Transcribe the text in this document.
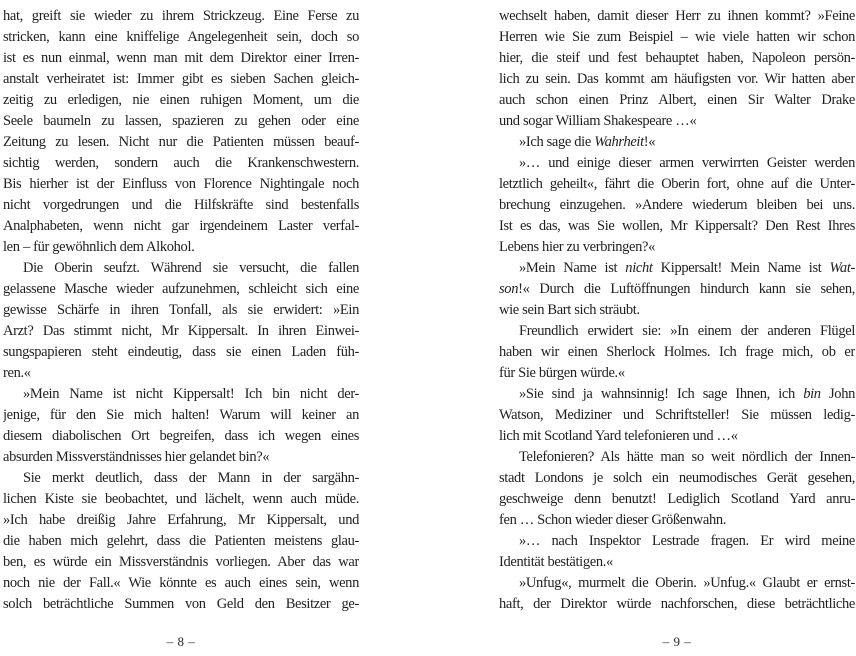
hat, greift sie wieder zu ihrem Strickzeug. Eine Ferse zu
stricken, kann eine kniffelige Angelegenheit sein, doch so
ist es nun einmal, wenn man mit dem Direktor einer Irren-
anstalt verheiratet ist: Immer gibt es sieben Sachen gleich-
zeitig zu erledigen, nie einen ruhigen Moment, um die
Seele baumeln zu lassen, spazieren zu gehen oder eine
Zeitung zu lesen. Nicht nur die Patienten müssen beauf-
sichtig werden, sondern auch die Krankenschwestern.
Bis hierher ist der Einfluss von Florence Nightingale noch
nicht vorgedrungen und die Hilfskräfte sind bestenfalls
Analphabeten, wenn nicht gar irgendeinem Laster verfal-
len – für gewöhnlich dem Alkohol.
Die Oberin seufzt. Während sie versucht, die fallen
gelassene Masche wieder aufzunehmen, schleicht sich eine
gewisse Schärfe in ihren Tonfall, als sie erwidert: »Ein
Arzt? Das stimmt nicht, Mr Kippersalt. In ihren Einwei-
sungspapieren steht eindeutig, dass sie einen Laden füh-
ren.«
»Mein Name ist nicht Kippersalt! Ich bin nicht der-
jenige, für den Sie mich halten! Warum will keiner an
diesem diabolischen Ort begreifen, dass ich wegen eines
absurden Missverständnisses hier gelandet bin?«
Sie merkt deutlich, dass der Mann in der sargähn-
lichen Kiste sie beobachtet, und lächelt, wenn auch müde.
»Ich habe dreißig Jahre Erfahrung, Mr Kippersalt, und
die haben mich gelehrt, dass die Patienten meistens glau-
ben, es würde ein Missverständnis vorliegen. Aber das war
noch nie der Fall.« Wie könnte es auch eines sein, wenn
solch beträchtliche Summen von Geld den Besitzer ge-
– 8 –
wechselt haben, damit dieser Herr zu ihnen kommt? »Feine
Herren wie Sie zum Beispiel – wie viele hatten wir schon
hier, die steif und fest behauptet haben, Napoleon persön-
lich zu sein. Das kommt am häufigsten vor. Wir hatten aber
auch schon einen Prinz Albert, einen Sir Walter Drake
und sogar William Shakespeare …«
»Ich sage die Wahrheit!«
»… und einige dieser armen verwirrten Geister werden
letztlich geheilt«, fährt die Oberin fort, ohne auf die Unter-
brechung einzugehen. »Andere wiederum bleiben bei uns.
Ist es das, was Sie wollen, Mr Kippersalt? Den Rest Ihres
Lebens hier zu verbringen?«
»Mein Name ist nicht Kippersalt! Mein Name ist Wat-
son!« Durch die Luftöffnungen hindurch kann sie sehen,
wie sein Bart sich sträubt.
Freundlich erwidert sie: »In einem der anderen Flügel
haben wir einen Sherlock Holmes. Ich frage mich, ob er
für Sie bürgen würde.«
»Sie sind ja wahnsinnig! Ich sage Ihnen, ich bin John
Watson, Mediziner und Schriftsteller! Sie müssen ledig-
lich mit Scotland Yard telefonieren und …«
Telefonieren? Als hätte man so weit nördlich der Innen-
stadt Londons je solch ein neumodisches Gerät gesehen,
geschweige denn benutzt! Lediglich Scotland Yard anru-
fen … Schon wieder dieser Größenwahn.
»… nach Inspektor Lestrade fragen. Er wird meine
Identität bestätigen.«
»Unfug«, murmelt die Oberin. »Unfug.« Glaubt er ernst-
haft, der Direktor würde nachforschen, diese beträchtliche
– 9 –
